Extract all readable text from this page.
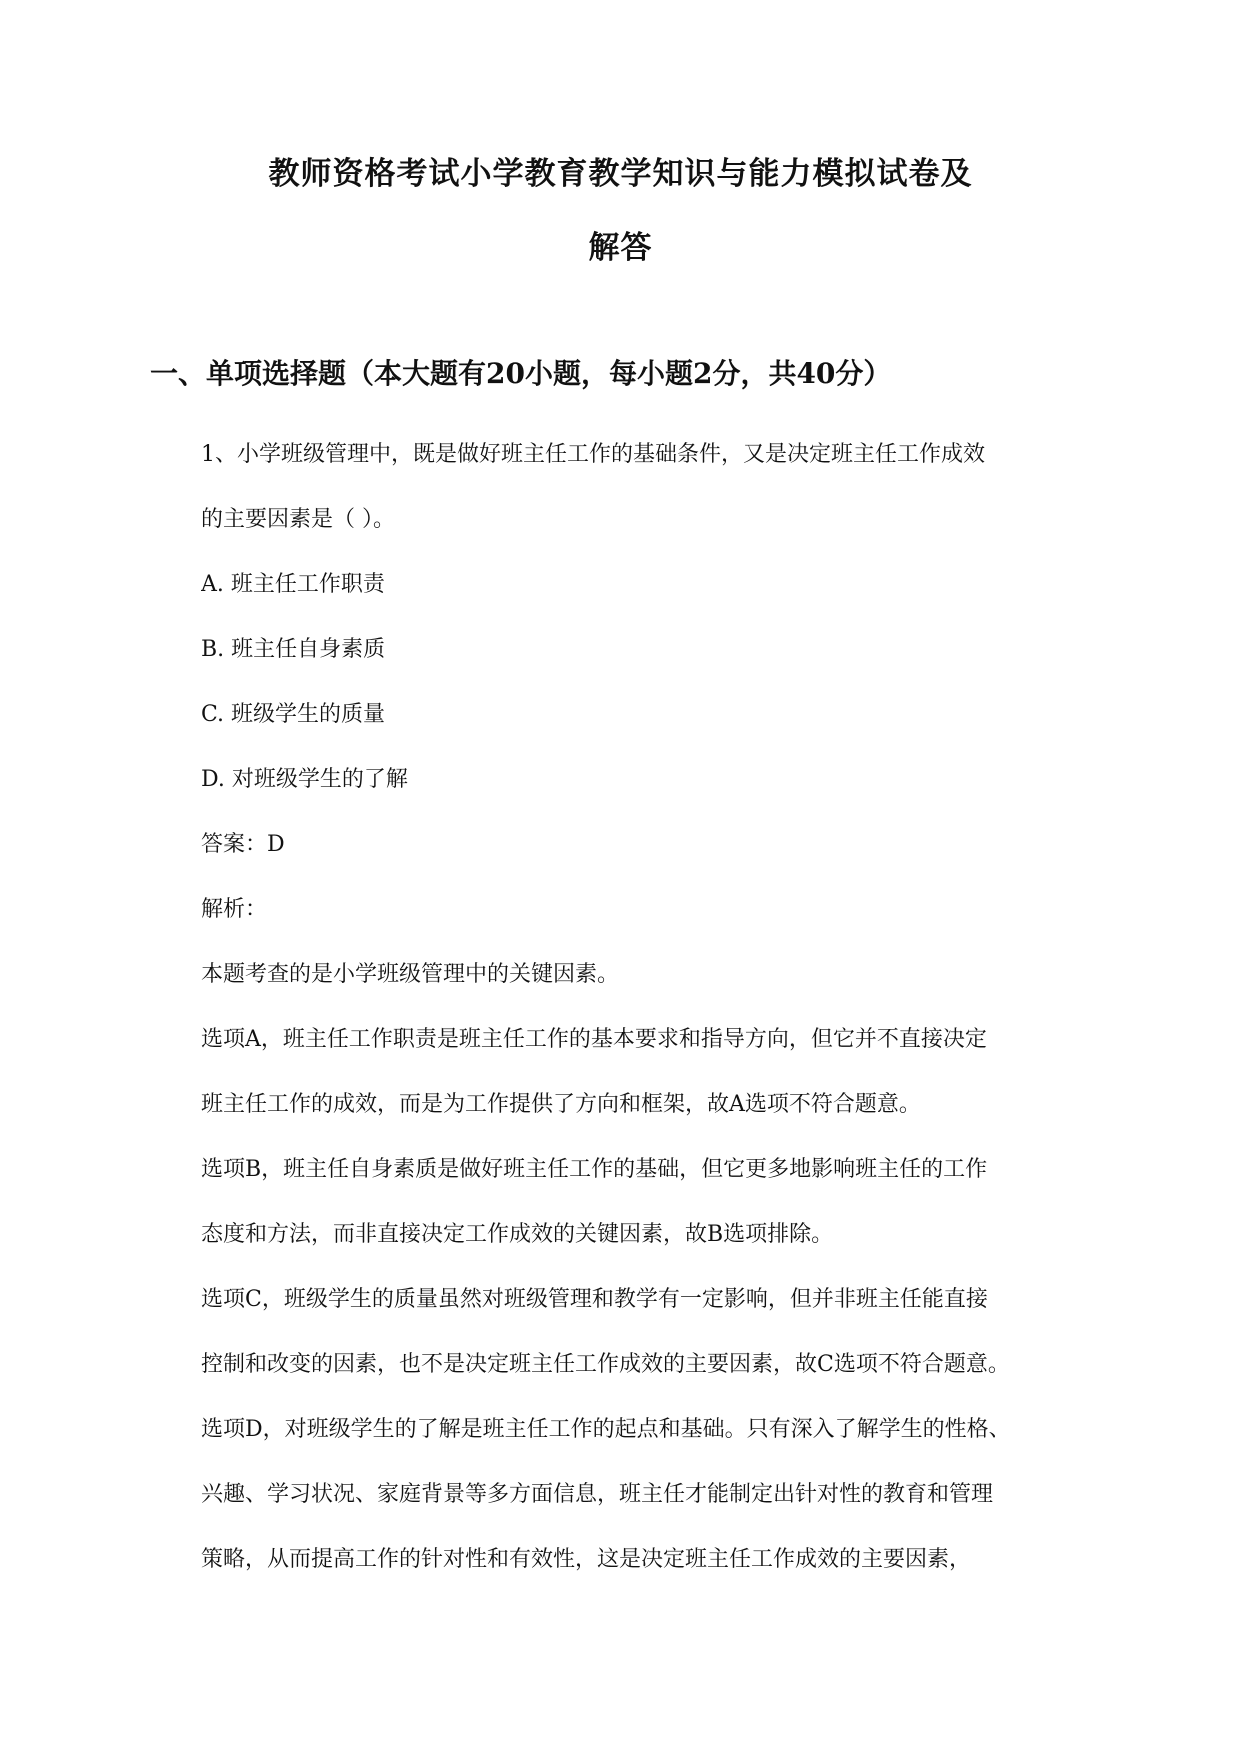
教师资格考试小学教育教学知识与能力模拟试卷及
解答
一、单项选择题（本大题有20小题，每小题2分，共40分）
1、小学班级管理中，既是做好班主任工作的基础条件，又是决定班主任工作成效
的主要因素是（ ）。
A. 班主任工作职责
B. 班主任自身素质
C. 班级学生的质量
D. 对班级学生的了解
答案：D
解析：
本题考查的是小学班级管理中的关键因素。
选项A，班主任工作职责是班主任工作的基本要求和指导方向，但它并不直接决定
班主任工作的成效，而是为工作提供了方向和框架，故A选项不符合题意。
选项B，班主任自身素质是做好班主任工作的基础，但它更多地影响班主任的工作
态度和方法，而非直接决定工作成效的关键因素，故B选项排除。
选项C，班级学生的质量虽然对班级管理和教学有一定影响，但并非班主任能直接
控制和改变的因素，也不是决定班主任工作成效的主要因素，故C选项不符合题意。
选项D，对班级学生的了解是班主任工作的起点和基础。只有深入了解学生的性格、
兴趣、学习状况、家庭背景等多方面信息，班主任才能制定出针对性的教育和管理
策略，从而提高工作的针对性和有效性，这是决定班主任工作成效的主要因素，
